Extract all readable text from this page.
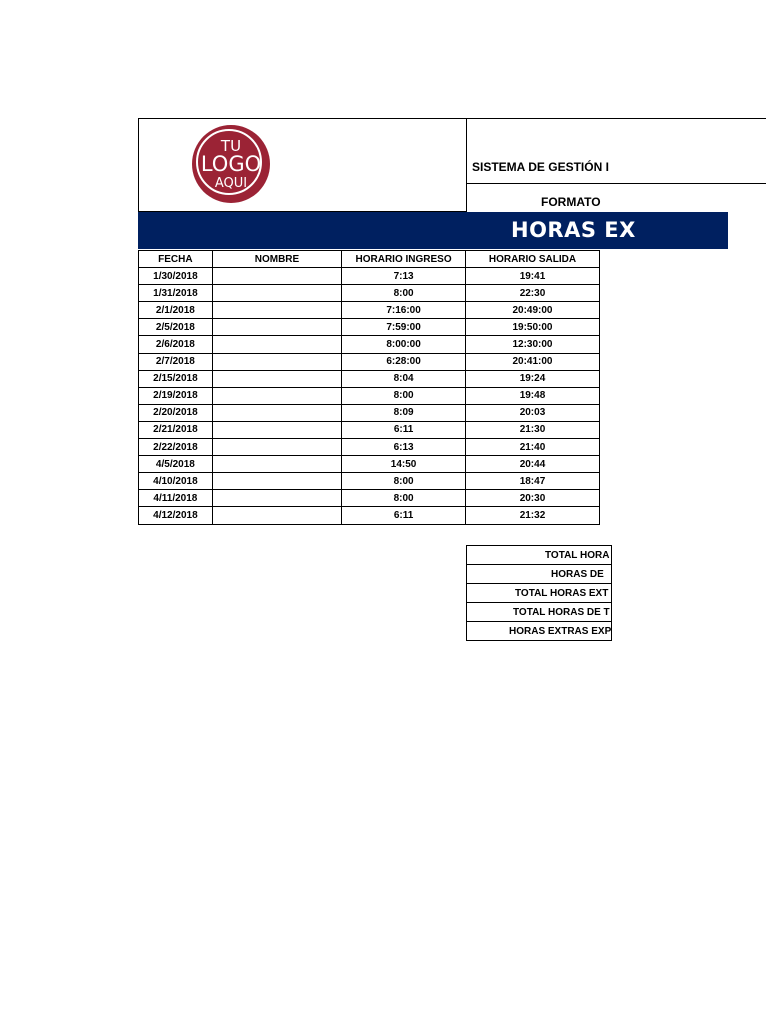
TU
LOGO
AQUI
SISTEMA DE GESTIÓN I
FORMATO
FECHA	NOMBRE	HORARIO INGRESO	HORARIO SALIDA
1/30/2018		7:13	19:41
1/31/2018		8:00	22:30
2/1/2018		7:16:00	20:49:00
2/5/2018		7:59:00	19:50:00
2/6/2018		8:00:00	12:30:00
2/7/2018		6:28:00	20:41:00
2/15/2018		8:04	19:24
2/19/2018		8:00	19:48
2/20/2018		8:09	20:03
2/21/2018		6:11	21:30
2/22/2018		6:13	21:40
4/5/2018		14:50	20:44
4/10/2018		8:00	18:47
4/11/2018		8:00	20:30
4/12/2018		6:11	21:32
TOTAL HORA
HORAS DE
TOTAL HORAS EXT
TOTAL HORAS DE T
HORAS EXTRAS EXP
HORAS EX
